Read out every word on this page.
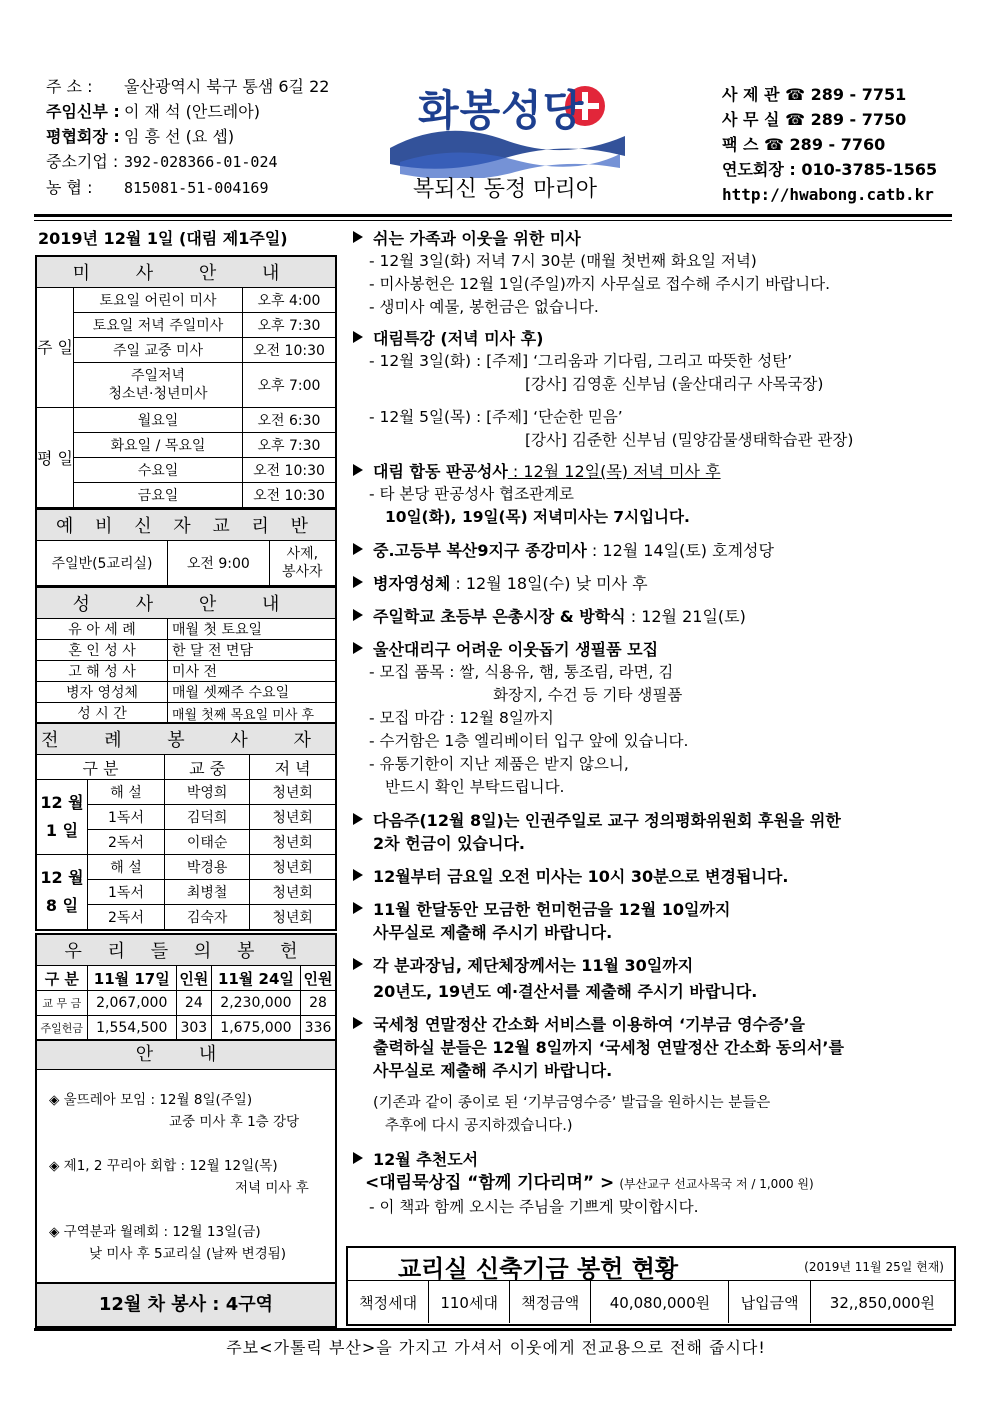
주 소 : 울산광역시 북구 통샘 6길 22
주임신부 : 이 재 석 (안드레아)
평협회장 : 임 흥 선 (요 셉)
중소기업 : 392-028366-01-024
농 협 : 815081-51-004169
화봉성당
복되신 동정 마리아
사 제 관 ☎ 289 - 7751
사 무 실 ☎ 289 - 7750
팩 스 ☎ 289 - 7760
연도회장 : 010-3785-1565
http://hwabong.catb.kr
2019년 12월 1일 (대림 제1주일)
미 사 안 내		
주 일	토요일 어린이 미사	오후 4:00
	토요일 저녁 주일미사	오후 7:30
	주일 교중 미사	오전 10:30
	주일저녁
청소년·청년미사	오후 7:00
평 일	월요일	오전 6:30
	화요일 / 목요일	오후 7:30
	수요일	오전 10:30
	금요일	오전 10:30
예 비 신 자 교 리 반
주일반(5교리실)	오전 9:00	사제,
봉사자
성 사 안 내	
유 아 세 례	매월 첫 토요일
혼 인 성 사	한 달 전 면담
고 해 성 사	미사 전
병자 영성체	매월 셋째주 수요일
성 시 간	매월 첫째 목요일 미사 후
전 례 봉 사 자			
구 분		교 중	저 녁
12 월
1 일	해 설	박영희	청년회
	1독서	김덕희	청년회
	2독서	이태순	청년회
12 월
8 일	해 설	박경용	청년회
	1독서	최병철	청년회
	2독서	김숙자	청년회
우 리 들 의 봉 헌				
구 분	11월 17일	인원	11월 24일	인원
교 무 금	2,067,000	24	2,230,000	28
주일헌금	1,554,500	303	1,675,000	336
안 내
◈ 울뜨레아 모임 : 12월 8일(주일)
교중 미사 후 1층 강당
◈ 제1, 2 꾸리아 회합 : 12월 12일(목)
저녁 미사 후
◈ 구역분과 월례회 : 12월 13일(금)
낮 미사 후 5교리실 (날짜 변경됨)
12월 차 봉사 : 4구역
쉬는 가족과 이웃을 위한 미사
- 12월 3일(화) 저녁 7시 30분 (매월 첫번째 화요일 저녁)
- 미사봉헌은 12월 1일(주일)까지 사무실로 접수해 주시기 바랍니다.
- 생미사 예물, 봉헌금은 없습니다.
대림특강 (저녁 미사 후)
- 12월 3일(화) : [주제] ‘그리움과 기다림, 그리고 따뜻한 성탄’
[강사] 김영훈 신부님 (울산대리구 사목국장)
- 12월 5일(목) : [주제] ‘단순한 믿음’
[강사] 김준한 신부님 (밀양감물생태학습관 관장)
대림 합동 판공성사 : 12월 12일(목) 저녁 미사 후
- 타 본당 판공성사 협조관계로
10일(화), 19일(목) 저녁미사는 7시입니다.
중.고등부 복산9지구 종강미사 : 12월 14일(토) 호계성당
병자영성체 : 12월 18일(수) 낮 미사 후
주일학교 초등부 은총시장 & 방학식 : 12월 21일(토)
울산대리구 어려운 이웃돕기 생필품 모집
- 모집 품목 : 쌀, 식용유, 햄, 통조림, 라면, 김
화장지, 수건 등 기타 생필품
- 모집 마감 : 12월 8일까지
- 수거함은 1층 엘리베이터 입구 앞에 있습니다.
- 유통기한이 지난 제품은 받지 않으니,
반드시 확인 부탁드립니다.
다음주(12월 8일)는 인권주일로 교구 정의평화위원회 후원을 위한
2차 헌금이 있습니다.
12월부터 금요일 오전 미사는 10시 30분으로 변경됩니다.
11월 한달동안 모금한 헌미헌금을 12월 10일까지
사무실로 제출해 주시기 바랍니다.
각 분과장님, 제단체장께서는 11월 30일까지
20년도, 19년도 예·결산서를 제출해 주시기 바랍니다.
국세청 연말정산 간소화 서비스를 이용하여 ‘기부금 영수증’을
출력하실 분들은 12월 8일까지 ‘국세청 연말정산 간소화 동의서’를
사무실로 제출해 주시기 바랍니다.
(기존과 같이 종이로 된 ‘기부금영수증’ 발급을 원하시는 분들은
추후에 다시 공지하겠습니다.)
12월 추천도서
<대림묵상집 “함께 기다리며” > (부산교구 선교사목국 저 / 1,000 원)
- 이 책과 함께 오시는 주님을 기쁘게 맞이합시다.
교리실 신축기금 봉헌 현황	(2019년 11월 25일 현재)
책정세대	110세대	책정금액	40,080,000원	납입금액	32,,850,000원
주보<가톨릭 부산>을 가지고 가셔서 이웃에게 전교용으로 전해 줍시다!
